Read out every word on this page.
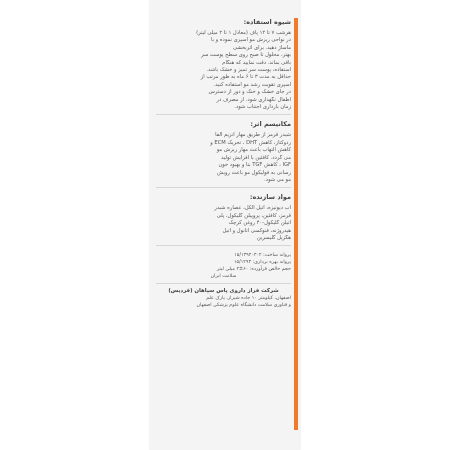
شیوه استفاده:
هرشب ۷ تا ۱۲ پاف (معادل ۱ تا ۲ میلی لیتر)
در نواحی ریزش مو اسپری نموده و با
ماساژ دهید. برای اثربخشی
بهتر، محلول تا صبح روی سطح پوست سر
باقی بماند. دقت نمایید که هنگام
استفاده، پوست سر تمیز و خشک باشد.
حداقل به مدت ۳ تا ۶ ماه به طور مرتب از
اسپری تقویت رشد مو استفاده کنید.
در جای خشک و خنک و دور از دسترس
اطفال نگهداری شود. از مصرف در
زمان بارداری اجتناب شود.
مکانیسم اثر:
شیدر قرمز از طریق مهار آنزیم آلفا
ردوکتاز، کاهش DHT ، تحریک ECM و
کاهش التهاب باعث مهار ریزش مو
می گردد. کافئین با افزایش تولید
IGF ، کاهش TGF بتا و بهبود خون
رسانی به فولیکول مو باعث رویش
مو می شود.
مواد سازنده:
آب دیونیزه، اتیل الکل، عصاره شبدر
قرمز، کافئین، پروپیلن گلیکول، پلی
اتیلن گلیکول-۴۰ روغن کرچک
هیدروژنه، فنوکسی اتانول و اتیل
هگزیل گلیسرین
پروانه ساخت: ۱۵/۱۳۹۴۰۳۰۲
پروانه بهره برداری: ۱۵/۱۲۹۳
حجم خالص فرآورده: ۶۰±۲ میلی لیتر
سلامت ایران
شرکت فراز داروی پاس سپاهان (فردیس)
اصفهان، کیلومتر ۱۰ جاده شیراز، پارک علم
و فناوری سلامت دانشگاه علوم پزشکی اصفهان
